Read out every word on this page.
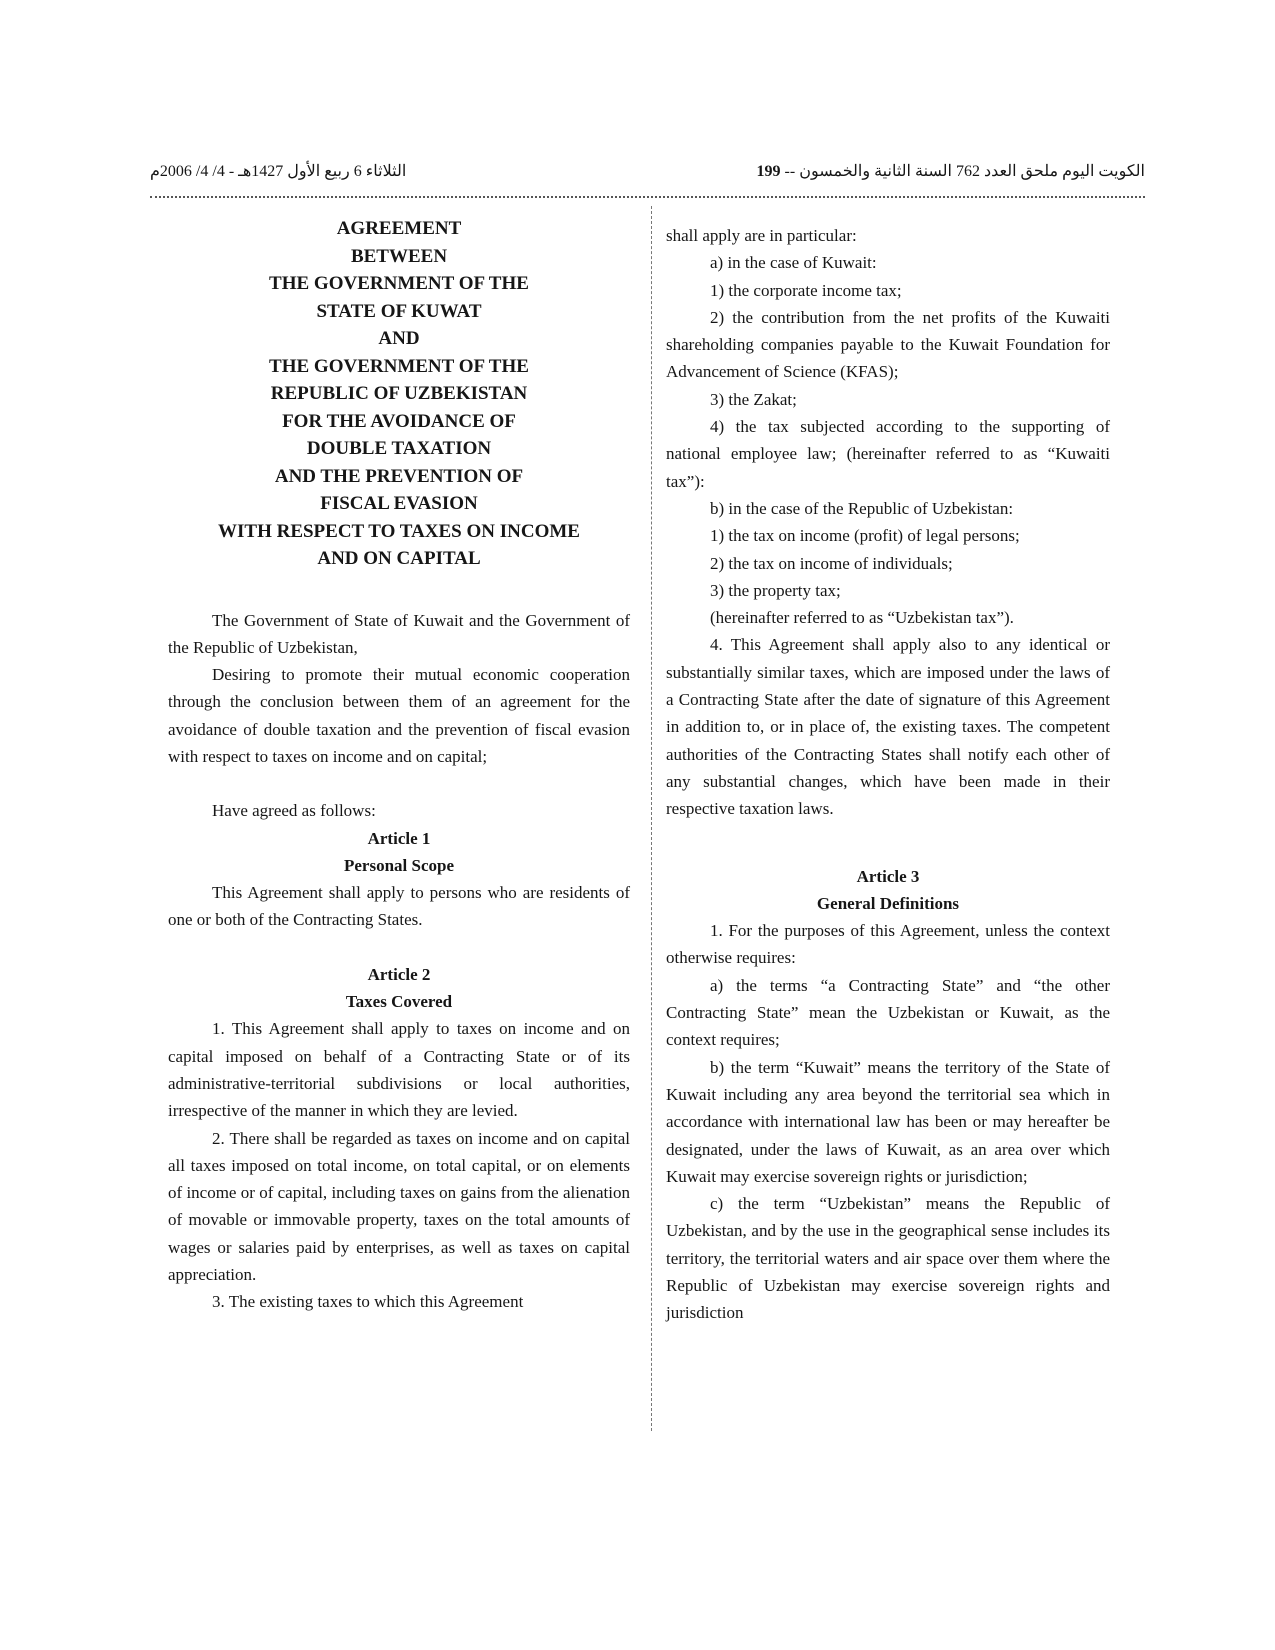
الثلاثاء 6 ربيع الأول 1427هـ - 4/ 4/ 2006م	الكويت اليوم ملحق العدد 762 السنة الثانية والخمسون -- 199
AGREEMENT
BETWEEN
THE GOVERNMENT OF THE
STATE OF KUWAT
AND
THE GOVERNMENT OF THE
REPUBLIC OF UZBEKISTAN
FOR THE AVOIDANCE OF
DOUBLE TAXATION
AND THE PREVENTION OF
FISCAL EVASION
WITH RESPECT TO TAXES ON INCOME
AND ON CAPITAL

The Government of State of Kuwait and the Government of the Republic of Uzbekistan,

Desiring to promote their mutual economic cooperation through the conclusion between them of an agreement for the avoidance of double taxation and the prevention of fiscal evasion with respect to taxes on income and on capital;

Have agreed as follows:

Article 1

Personal Scope

This Agreement shall apply to persons who are residents of one or both of the Contracting States.

Article 2

Taxes Covered

1. This Agreement shall apply to taxes on income and on capital imposed on behalf of a Contracting State or of its administrative-territorial subdivisions or local authorities, irrespective of the manner in which they are levied.

2. There shall be regarded as taxes on income and on capital all taxes imposed on total income, on total capital, or on elements of income or of capital, including taxes on gains from the alienation of movable or immovable property, taxes on the total amounts of wages or salaries paid by enterprises, as well as taxes on capital appreciation.

3. The existing taxes to which this Agreement

shall apply are in particular:

a) in the case of Kuwait:

1) the corporate income tax;

2) the contribution from the net profits of the Kuwaiti shareholding companies payable to the Kuwait Foundation for Advancement of Science (KFAS);

3) the Zakat;

4) the tax subjected according to the supporting of national employee law; (hereinafter referred to as “Kuwaiti tax”):

b) in the case of the Republic of Uzbekistan:

1) the tax on income (profit) of legal persons;

2) the tax on income of individuals;

3) the property tax;

(hereinafter referred to as “Uzbekistan tax”).

4. This Agreement shall apply also to any identical or substantially similar taxes, which are imposed under the laws of a Contracting State after the date of signature of this Agreement in addition to, or in place of, the existing taxes. The competent authorities of the Contracting States shall notify each other of any substantial changes, which have been made in their respective taxation laws.

Article 3

General Definitions

1. For the purposes of this Agreement, unless the context otherwise requires:

a) the terms “a Contracting State” and “the other Contracting State” mean the Uzbekistan or Kuwait, as the context requires;

b) the term “Kuwait” means the territory of the State of Kuwait including any area beyond the territorial sea which in accordance with international law has been or may hereafter be designated, under the laws of Kuwait, as an area over which Kuwait may exercise sovereign rights or jurisdiction;

c) the term “Uzbekistan” means the Republic of Uzbekistan, and by the use in the geographical sense includes its territory, the territorial waters and air space over them where the Republic of Uzbekistan may exercise sovereign rights and jurisdiction
